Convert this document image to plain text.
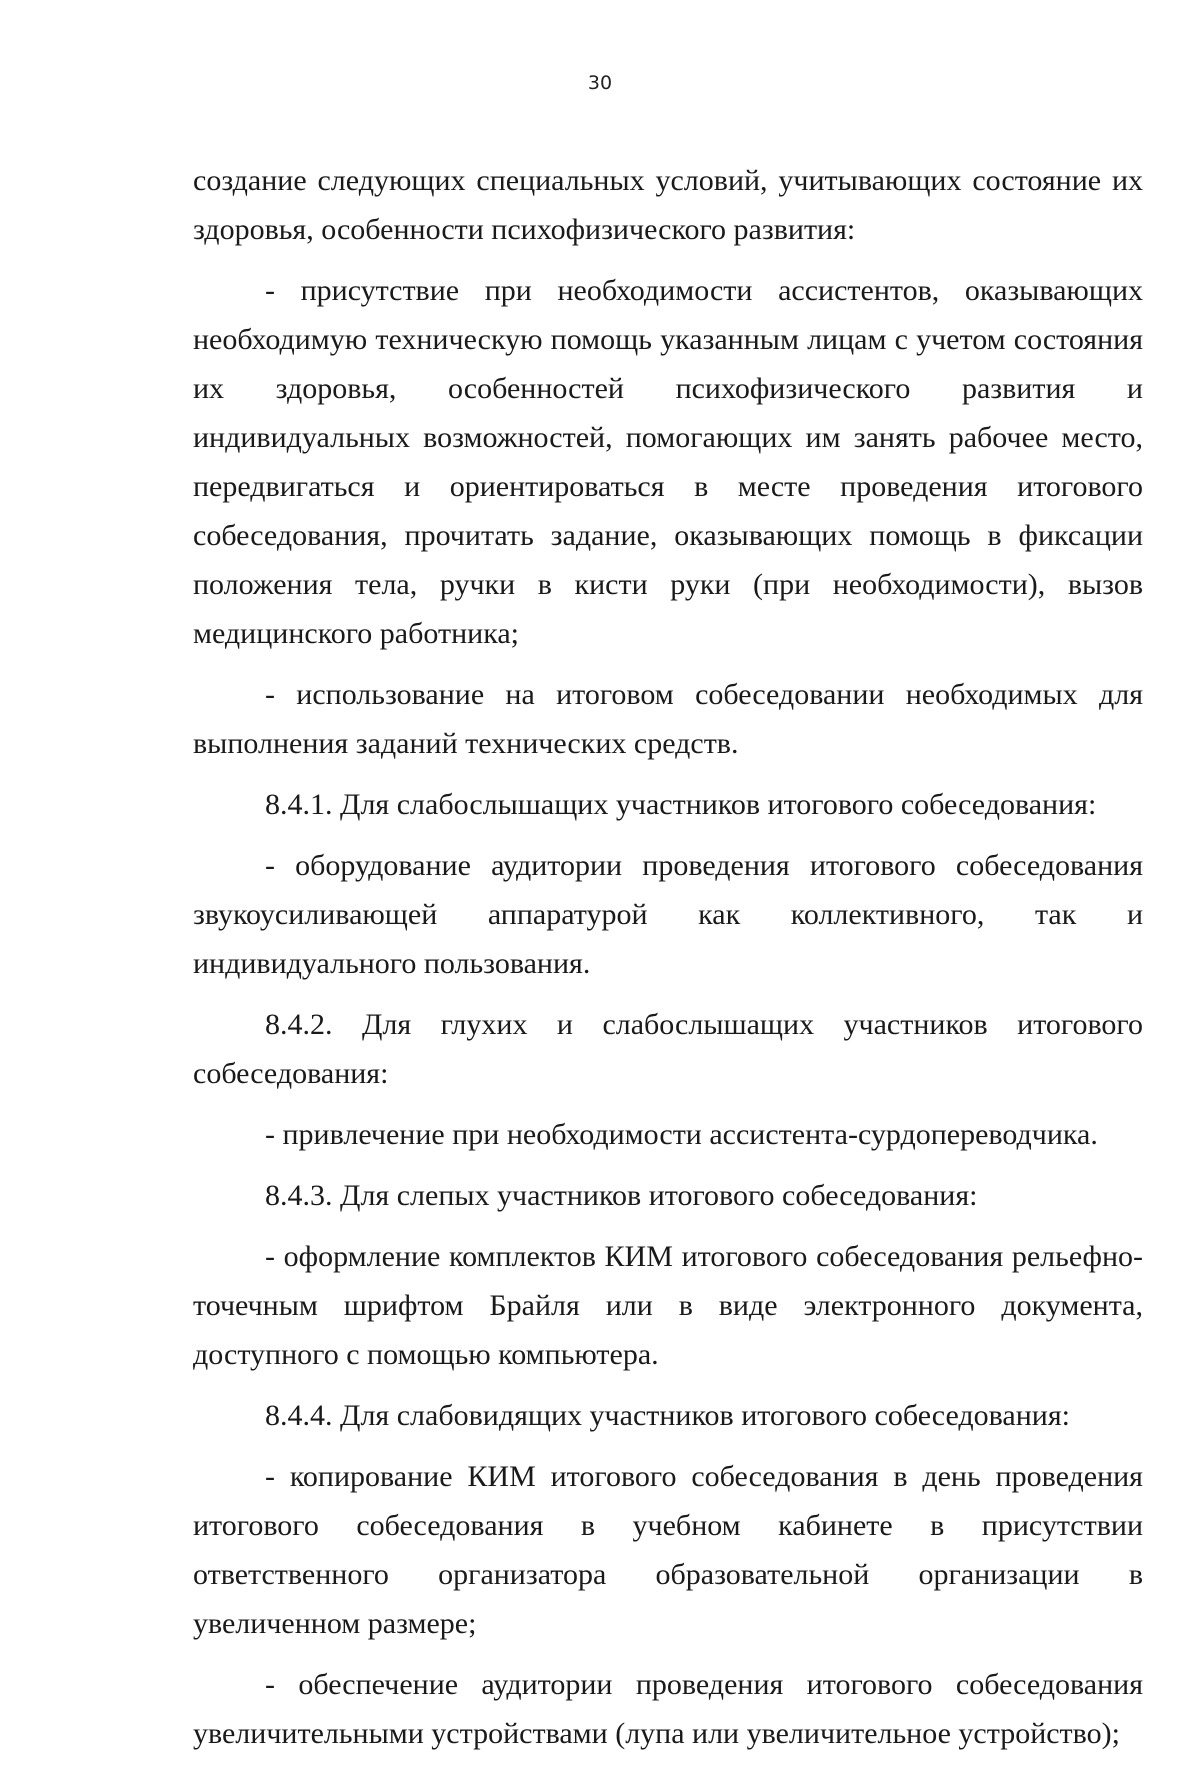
30

создание следующих специальных условий, учитывающих состояние их здоровья, особенности психофизического развития:

- присутствие при необходимости ассистентов, оказывающих необходимую техническую помощь указанным лицам с учетом состояния их здоровья, особенностей психофизического развития и индивидуальных возможностей, помогающих им занять рабочее место, передвигаться и ориентироваться в месте проведения итогового собеседования, прочитать задание, оказывающих помощь в фиксации положения тела, ручки в кисти руки (при необходимости), вызов медицинского работника;

- использование на итоговом собеседовании необходимых для выполнения заданий технических средств.

8.4.1. Для слабослышащих участников итогового собеседования:

- оборудование аудитории проведения итогового собеседования звукоусиливающей аппаратурой как коллективного, так и индивидуального пользования.

8.4.2. Для глухих и слабослышащих участников итогового собеседования:

- привлечение при необходимости ассистента-сурдопереводчика.

8.4.3. Для слепых участников итогового собеседования:

- оформление комплектов КИМ итогового собеседования рельефно-точечным шрифтом Брайля или в виде электронного документа, доступного с помощью компьютера.

8.4.4. Для слабовидящих участников итогового собеседования:

- копирование КИМ итогового собеседования в день проведения итогового собеседования в учебном кабинете в присутствии ответственного организатора образовательной организации в увеличенном размере;

- обеспечение аудитории проведения итогового собеседования увеличительными устройствами (лупа или увеличительное устройство);
